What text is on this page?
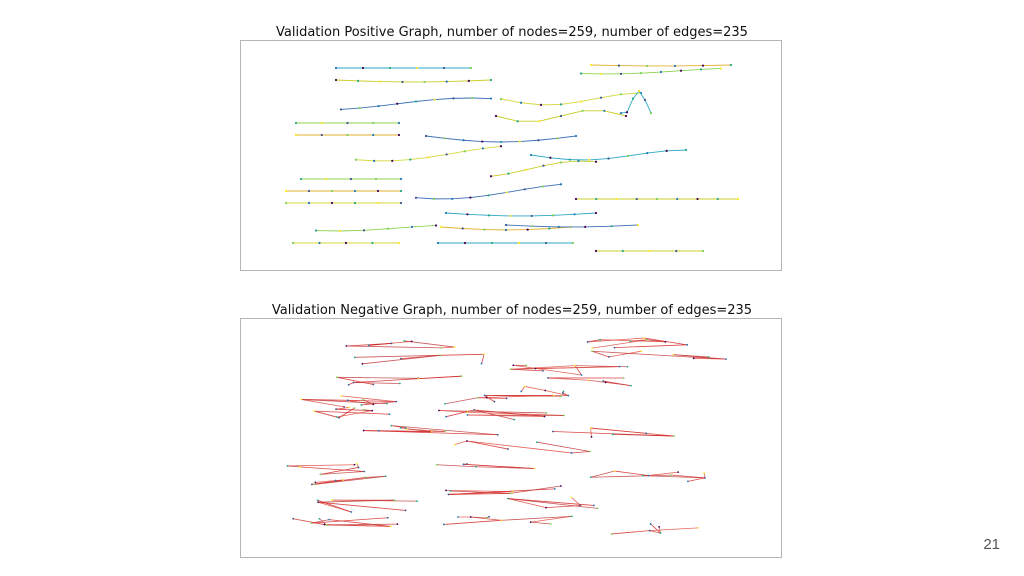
Validation Positive Graph, number of nodes=259, number of edges=235
Validation Negative Graph, number of nodes=259, number of edges=235
21
